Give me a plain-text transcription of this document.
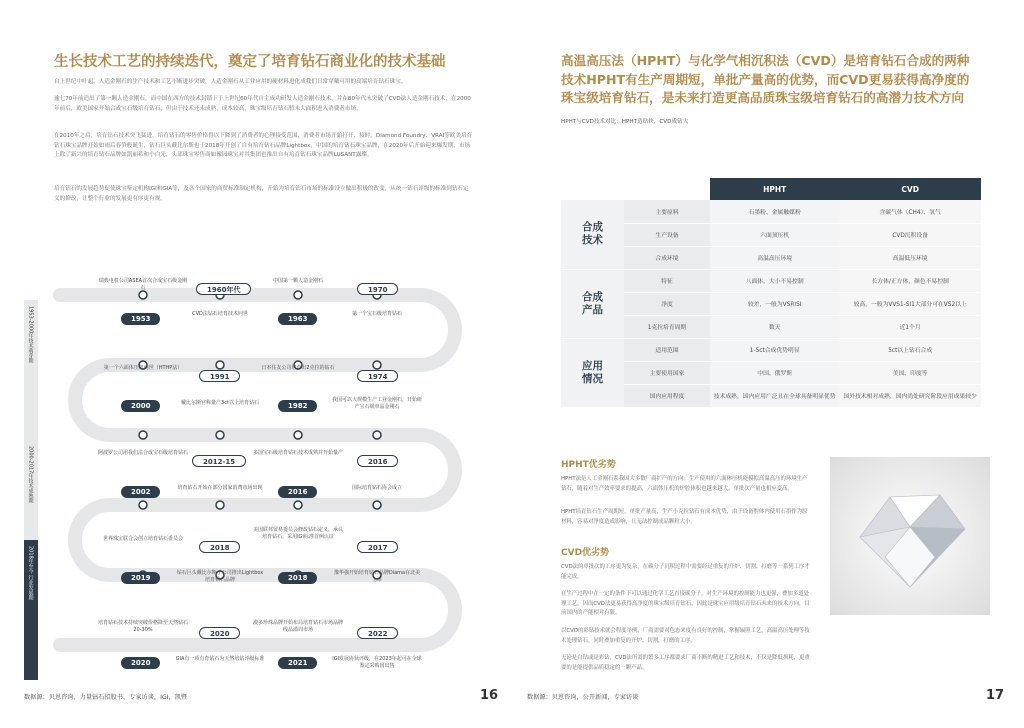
生长技术工艺的持续迭代，奠定了培育钻石商业化的技术基础
自上世纪中叶起，人造金刚石的生产技术和工艺不断进步突破，人造金刚石从工业应用的硬材料进化成我们日常穿戴可用的高端培育钻石珠宝。
逾七70年前造出了第一颗人造金刚石，而中国在西方的技术封锁下于上世纪60年代自主成功研发人造金刚石技术，并在80年代末突破了CVD法人造金刚石技术，在2000年前后，欧美国家开始合成宝石级培育钻石，但由于技术还未成熟，成本较高，珠宝级培育钻石暂未大面积进入消费者市场。
在2010年之后，培育钻石技术突飞猛进，培育钻石的零售价格得以下降到了消费者的心理接受范围，消费者市场开始打开，接时，Diamond Foundry、VRAI等欧美培育钻石珠宝品牌开始如雨后春笋般诞生，钻石巨头戴比尔斯也于2018年开创了自有培育钻石品牌Lightbox，中国的培育钻石珠宝品牌，在2020年后开始迎来爆发期，市场上除了新兴的培育钻石品牌如凯丽希和小白光，头部珠宝零售商如豫园珠宝对其集团也推出自有培育钻石珠宝品牌LUSANT露璨。
培育钻石的发展趋势促使珠宝鉴定机构IGI和GIA等，及各个国家的商贸标准制定机构，开始为培育钻石市场的标准设立做出积极的改变，从统一钻石评级的标准到钻石定义的修改，让整个行业的发展更有序更有规。
1953-2000年技术萌芽期
2000-2017年技术成熟期
2018年至今 行业发展期
瑞典电机公司ASEA首次合成宝石级金刚石
1953
1960年代
CVD法钻石培育技术问世
中国第一颗人造金刚石
1963
1970
第一个宝石级培育钻石
第一个六面体压机问世（HTHP法）
2000
1991
戴比尔斯官称量产3ct以上培育钻石
日本住友公司培育出2克拉的钻石
1982
1974
我国可以大规模生产工业金刚石，开始研产宝石级单晶金刚石
阿波罗公司用我们法合成宝石级培育钻石
2002
2012-15
培育钻石开始在部分国家消费市场出现
多国宝石级培育钻石技术成熟并开始量产
2016
2016
国际培育钻石协会成立
世界珠宝联合会创立培育钻石委员会
2019
2018
钻石巨头戴比尔斯子公司推出Lightbox培育钻石品牌
美国联邦贸易委员会修改钻石定义，承认培育钻石，采用IGI标准首例认证
2018
2017
豫华强开始培育钻石品牌Diama在北美上市
培育钻石技术持续突破价格降至天然钻石20-30%
2020
2020
GIA有一项有育钻石为天然培钻评级标准
漫多珍珠品牌开始布局培育钻石市场品牌线品溢周市场
2021
2022
IGI发展协状评级，在2023年起可在全球鉴定采购国出售
数据源：贝恩咨询，力量钻石招股书，专家访谈，IGI，凯暨	16
高温高压法（HPHT）与化学气相沉积法（CVD）是培育钻石合成的两种技术HPHT有生产周期短，单批产量高的优势，而CVD更易获得高净度的珠宝级培育钻石，是未来打造更高品质珠宝级培育钻石的高潜力技术方向
HPHT与CVD技术对比：HPHT造钻快，CVD成钻大
		HPHT	CVD
合成
技术	主要原料	石墨粉、金属触媒粉	含碳气体（CH4）、氢气
	生产设备	六面顶压机	CVD沉积设备
	合成环境	高温高压环境	高温低压环境
合成
产品	特征	八面体，大小不易控制	长方体/正方体，颜色不易控制
	净度	较差，一般为VS和SI	较高，一般为VVS1-SI1大部分可在VS2以上
	1克拉培育周期	数天	近1个月
应用
情况	适用范围	1-5ct合成优势明显	5ct以上钻石合成
	主要使用国家	中国、俄罗斯	美国、印度等
	国内应用程度	技术成熟，国内应用广泛且在全球具备明显优势	国外技术相对成熟，国内尚处研究阶段应用成果较少
HPHT优劣势
HPHT法是人工金刚石系我国大多数厂商扩产的方向。生产使用的六面体压机能模拟高温高压的环境生产钻石，随着对生产效率要求的提高，六面体压机的炉腔体积也越来越大，单批次产量也相应变高。
HPHT培育钻石生产周期短，单批产量高，生产小克拉钻石有成本优势，由于设备腔体内使用石墨作为原材料，容易对净度造成影响，且无法控制成品颗粒大小。
CVD优劣势
CVD法的单批次的工序更为复杂，在碳分子沉积过程中需要经过重复的开炉、切割、打磨等一系列工序才能完成。
在生产过程中在一定的条件下可以通过化学工艺直接碳分子，对生产环境的控制能力也更强，叠加多道处理工艺，因而CVD法更易获得高净度的珠宝级培育钻石，因此是珠宝应用级培育钻石未来的技术方向，目前国内的产能相对有限。
以CVD的彩钻技术就会程度举例，厂商需要对色态来度有良好的控制，掌握辐照工艺，高温高压处理等技术处理钻石，同时叠加重复的开炉、切割，打磨的工序。
无论是白钻或是彩钻，CVD法所需的繁多工序都要求厂商不断的精进工艺和技术，不仅是降低损耗，更重要的是能提供品质稳定的一颗产品。
数据源：贝恩咨询，公开新闻，专家访谈	17
